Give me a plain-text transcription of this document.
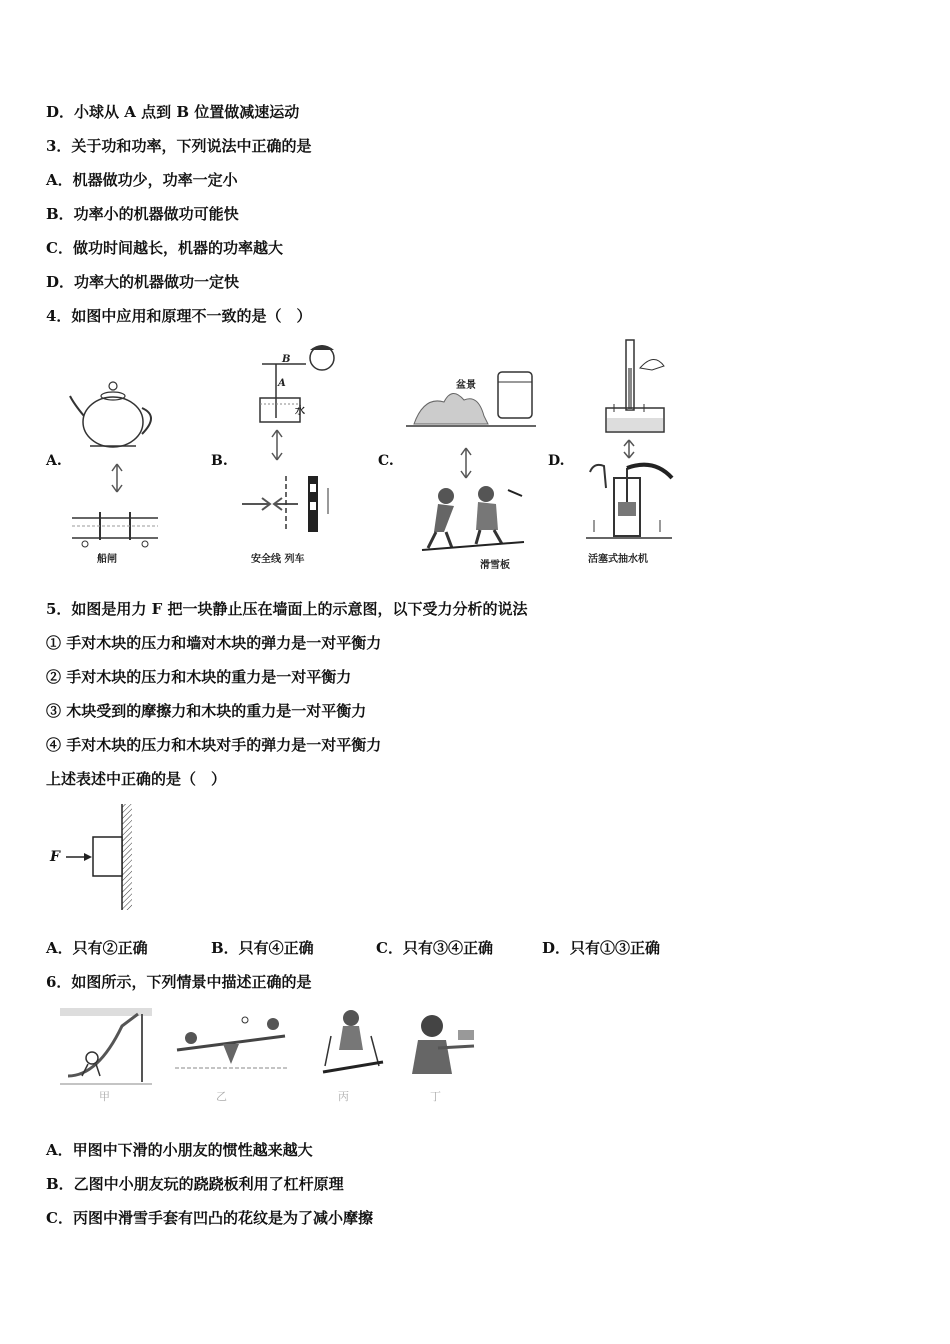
D．小球从 A 点到 B 位置做减速运动
3．关于功和功率，下列说法中正确的是
A．机器做功少，功率一定小
B．功率小的机器做功可能快
C．做功时间越长，机器的功率越大
D．功率大的机器做功一定快
4．如图中应用和原理不一致的是（　）
A.	B.	C.	D.
船闸
B
A
水
安全线 列车
盆景
滑雪板
活塞式抽水机
5．如图是用力 F 把一块静止压在墙面上的示意图，以下受力分析的说法
① 手对木块的压力和墙对木块的弹力是一对平衡力
② 手对木块的压力和木块的重力是一对平衡力
③ 木块受到的摩擦力和木块的重力是一对平衡力
④ 手对木块的压力和木块对手的弹力是一对平衡力
上述表述中正确的是（　）
F
A．只有②正确	B．只有④正确	C．只有③④正确	D．只有①③正确
6．如图所示，下列情景中描述正确的是
甲	乙	丙	丁
A．甲图中下滑的小朋友的惯性越来越大
B．乙图中小朋友玩的跷跷板利用了杠杆原理
C．丙图中滑雪手套有凹凸的花纹是为了减小摩擦
